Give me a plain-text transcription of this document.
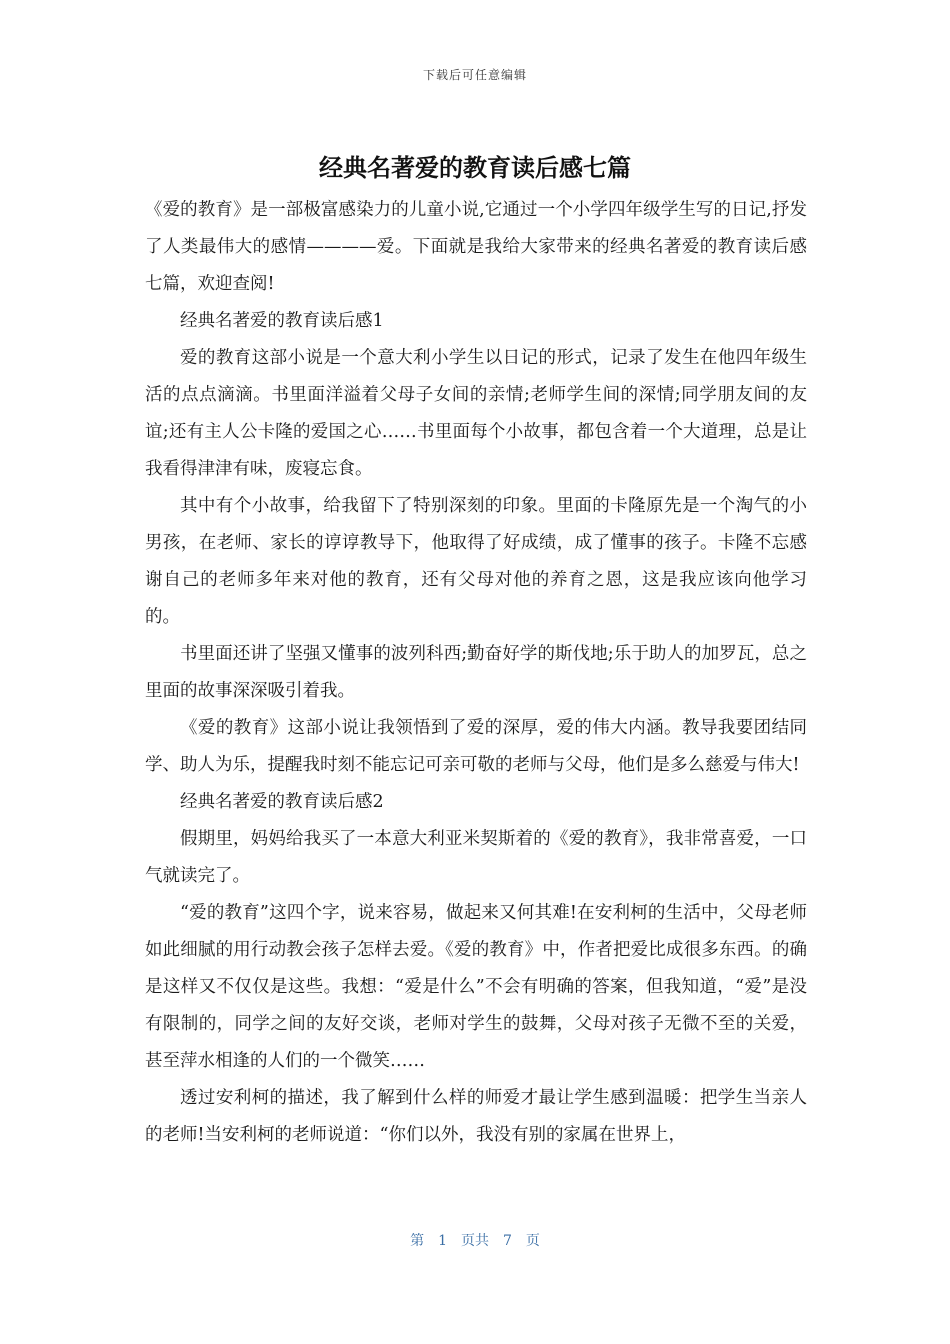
下载后可任意编辑
经典名著爱的教育读后感七篇

《爱的教育》是一部极富感染力的儿童小说,它通过一个小学四年级学生写的日记,抒发了人类最伟大的感情————爱。下面就是我给大家带来的经典名著爱的教育读后感七篇，欢迎查阅!

经典名著爱的教育读后感1

爱的教育这部小说是一个意大利小学生以日记的形式，记录了发生在他四年级生活的点点滴滴。书里面洋溢着父母子女间的亲情;老师学生间的深情;同学朋友间的友谊;还有主人公卡隆的爱国之心……书里面每个小故事，都包含着一个大道理，总是让我看得津津有味，废寝忘食。

其中有个小故事，给我留下了特别深刻的印象。里面的卡隆原先是一个淘气的小男孩，在老师、家长的谆谆教导下，他取得了好成绩，成了懂事的孩子。卡隆不忘感谢自己的老师多年来对他的教育，还有父母对他的养育之恩，这是我应该向他学习的。

书里面还讲了坚强又懂事的波列科西;勤奋好学的斯伐地;乐于助人的加罗瓦，总之里面的故事深深吸引着我。

《爱的教育》这部小说让我领悟到了爱的深厚，爱的伟大内涵。教导我要团结同学、助人为乐，提醒我时刻不能忘记可亲可敬的老师与父母，他们是多么慈爱与伟大!

经典名著爱的教育读后感2

假期里，妈妈给我买了一本意大利亚米契斯着的《爱的教育》，我非常喜爱，一口气就读完了。

“爱的教育”这四个字，说来容易，做起来又何其难!在安利柯的生活中，父母老师如此细腻的用行动教会孩子怎样去爱。《爱的教育》中，作者把爱比成很多东西。的确是这样又不仅仅是这些。我想：“爱是什么”不会有明确的答案，但我知道，“爱”是没有限制的，同学之间的友好交谈，老师对学生的鼓舞，父母对孩子无微不至的关爱，甚至萍水相逢的人们的一个微笑……

透过安利柯的描述，我了解到什么样的师爱才最让学生感到温暖：把学生当亲人的老师!当安利柯的老师说道：“你们以外，我没有别的家属在世界上，

第 1 页共 7 页
